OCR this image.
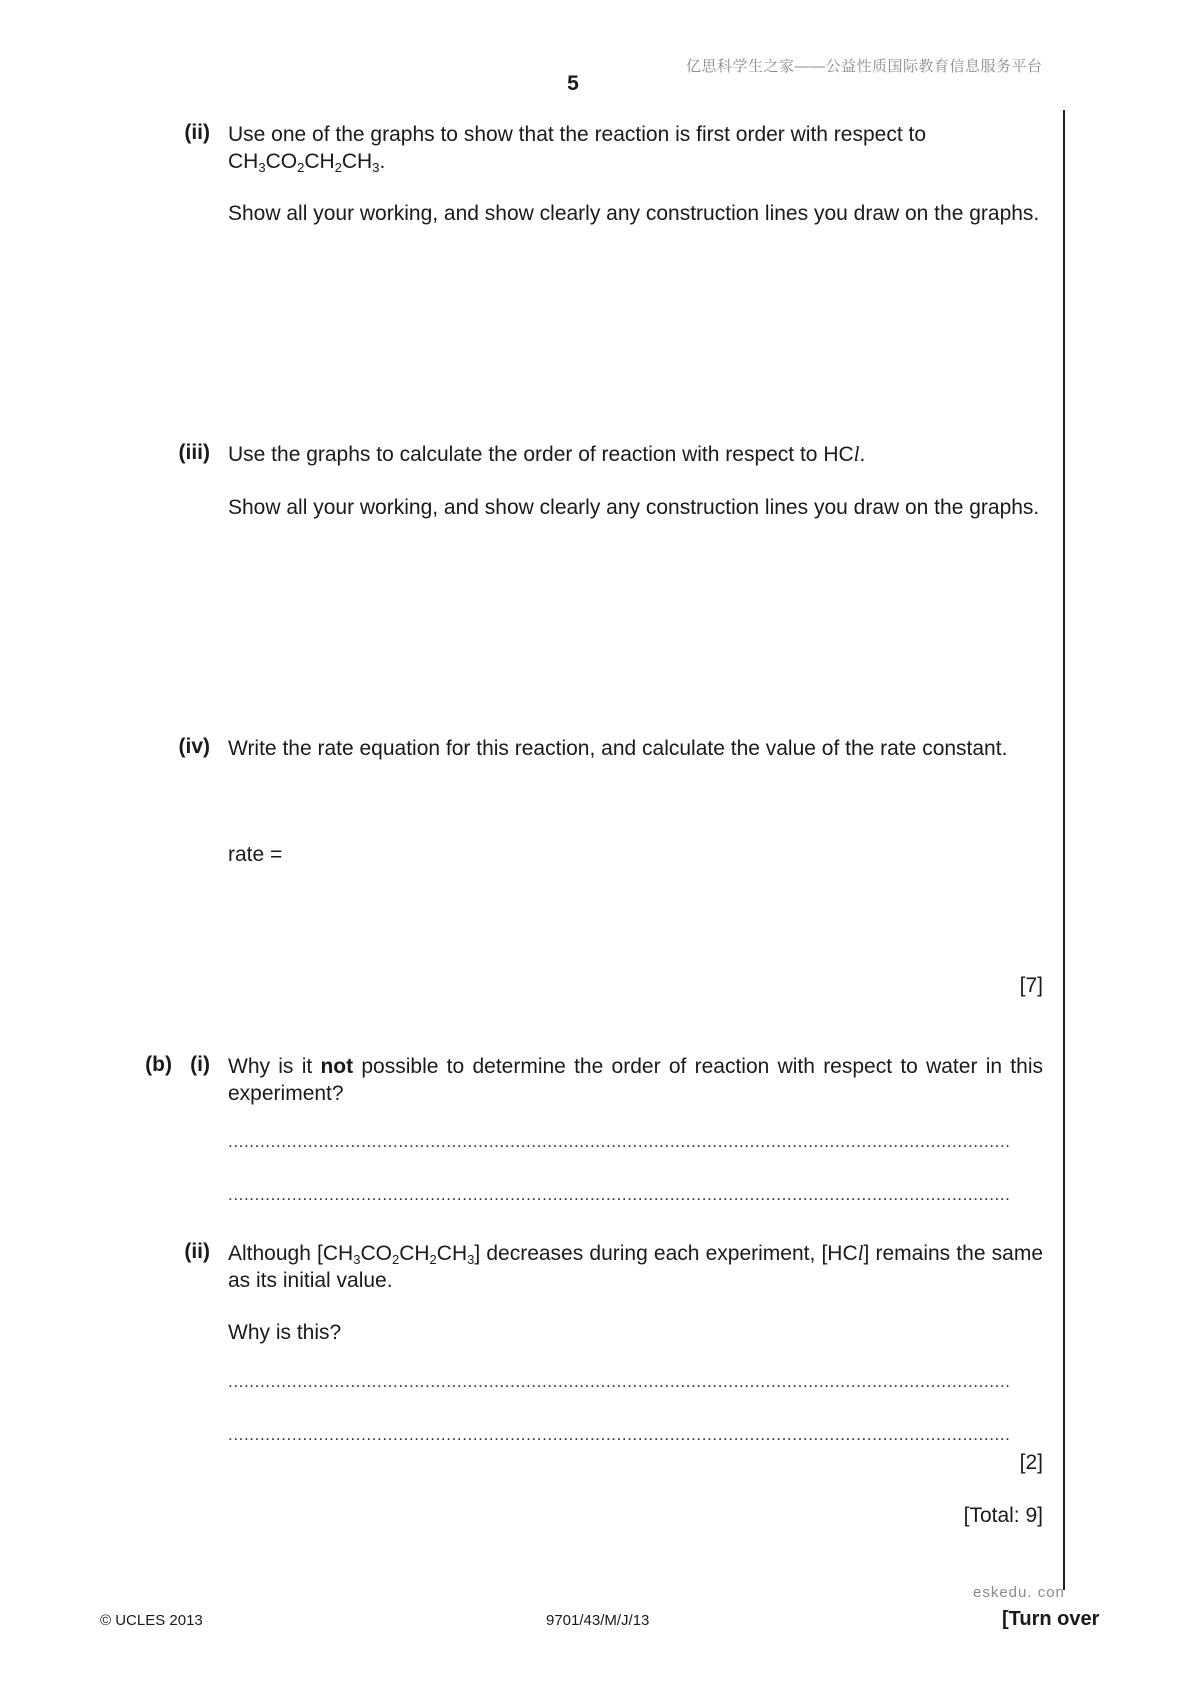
亿思科学生之家——公益性质国际教育信息服务平台
5
(ii) Use one of the graphs to show that the reaction is first order with respect to
$CH_3CO_2CH_2CH_3$.
Show all your working, and show clearly any construction lines you draw on the graphs.
(iii) Use the graphs to calculate the order of reaction with respect to HCl.
Show all your working, and show clearly any construction lines you draw on the graphs.
(iv) Write the rate equation for this reaction, and calculate the value of the rate constant.
rate =
[7]
(b) (i) Why is it not possible to determine the order of reaction with respect to water in this experiment?
...................................................................................................................................................
...................................................................................................................................................
(ii) Although $[CH_3CO_2CH_2CH_3]$ decreases during each experiment, [HCl] remains the same as its initial value.
Why is this?
...................................................................................................................................................
...................................................................................................................................................
[2]
[Total: 9]
eskedu. con
© UCLES 2013	9701/43/M/J/13	[Turn over
